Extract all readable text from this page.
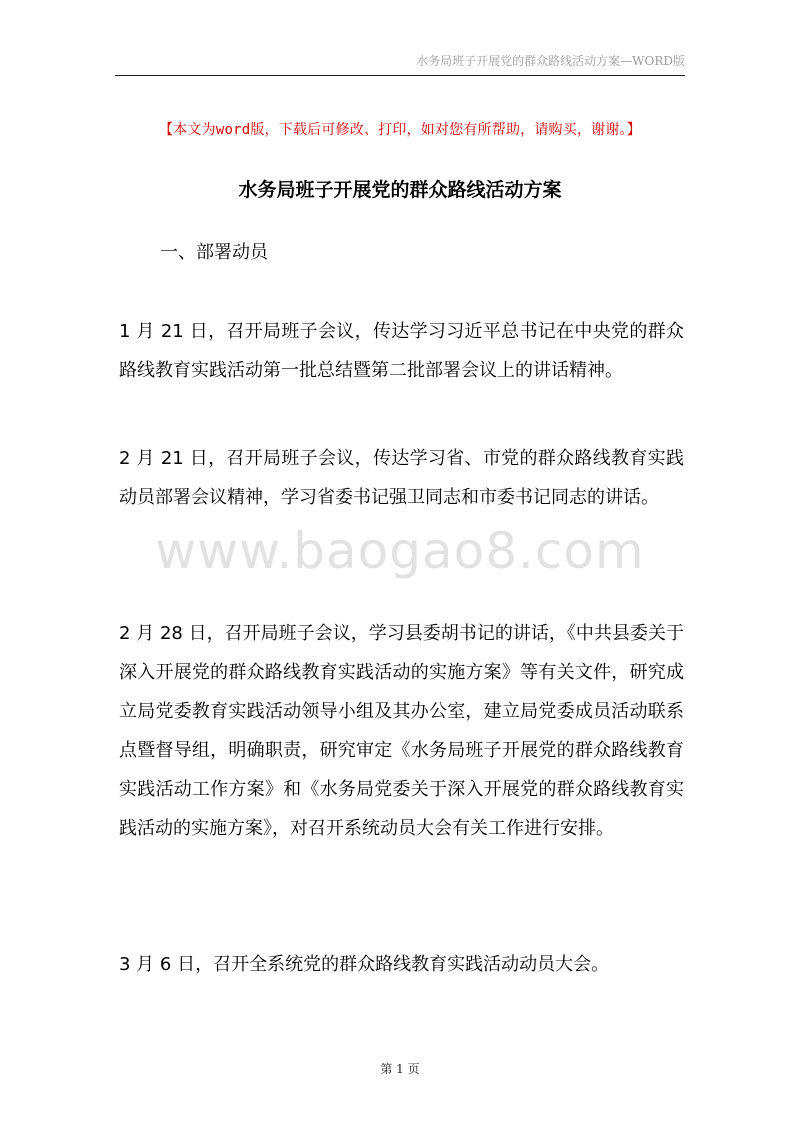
水务局班子开展党的群众路线活动方案—WORD版
【本文为word版，下载后可修改、打印，如对您有所帮助，请购买，谢谢。】
水务局班子开展党的群众路线活动方案
一、部署动员
1 月 21 日，召开局班子会议，传达学习习近平总书记在中央党的群众路线教育实践活动第一批总结暨第二批部署会议上的讲话精神。
2 月 21 日，召开局班子会议，传达学习省、市党的群众路线教育实践动员部署会议精神，学习省委书记强卫同志和市委书记同志的讲话。
2 月 28 日，召开局班子会议，学习县委胡书记的讲话，《中共县委关于深入开展党的群众路线教育实践活动的实施方案》等有关文件，研究成立局党委教育实践活动领导小组及其办公室，建立局党委成员活动联系点暨督导组，明确职责，研究审定《水务局班子开展党的群众路线教育实践活动工作方案》和《水务局党委关于深入开展党的群众路线教育实践活动的实施方案》，对召开系统动员大会有关工作进行安排。
3 月 6 日，召开全系统党的群众路线教育实践活动动员大会。
www.baogao8.com
第 1 页
